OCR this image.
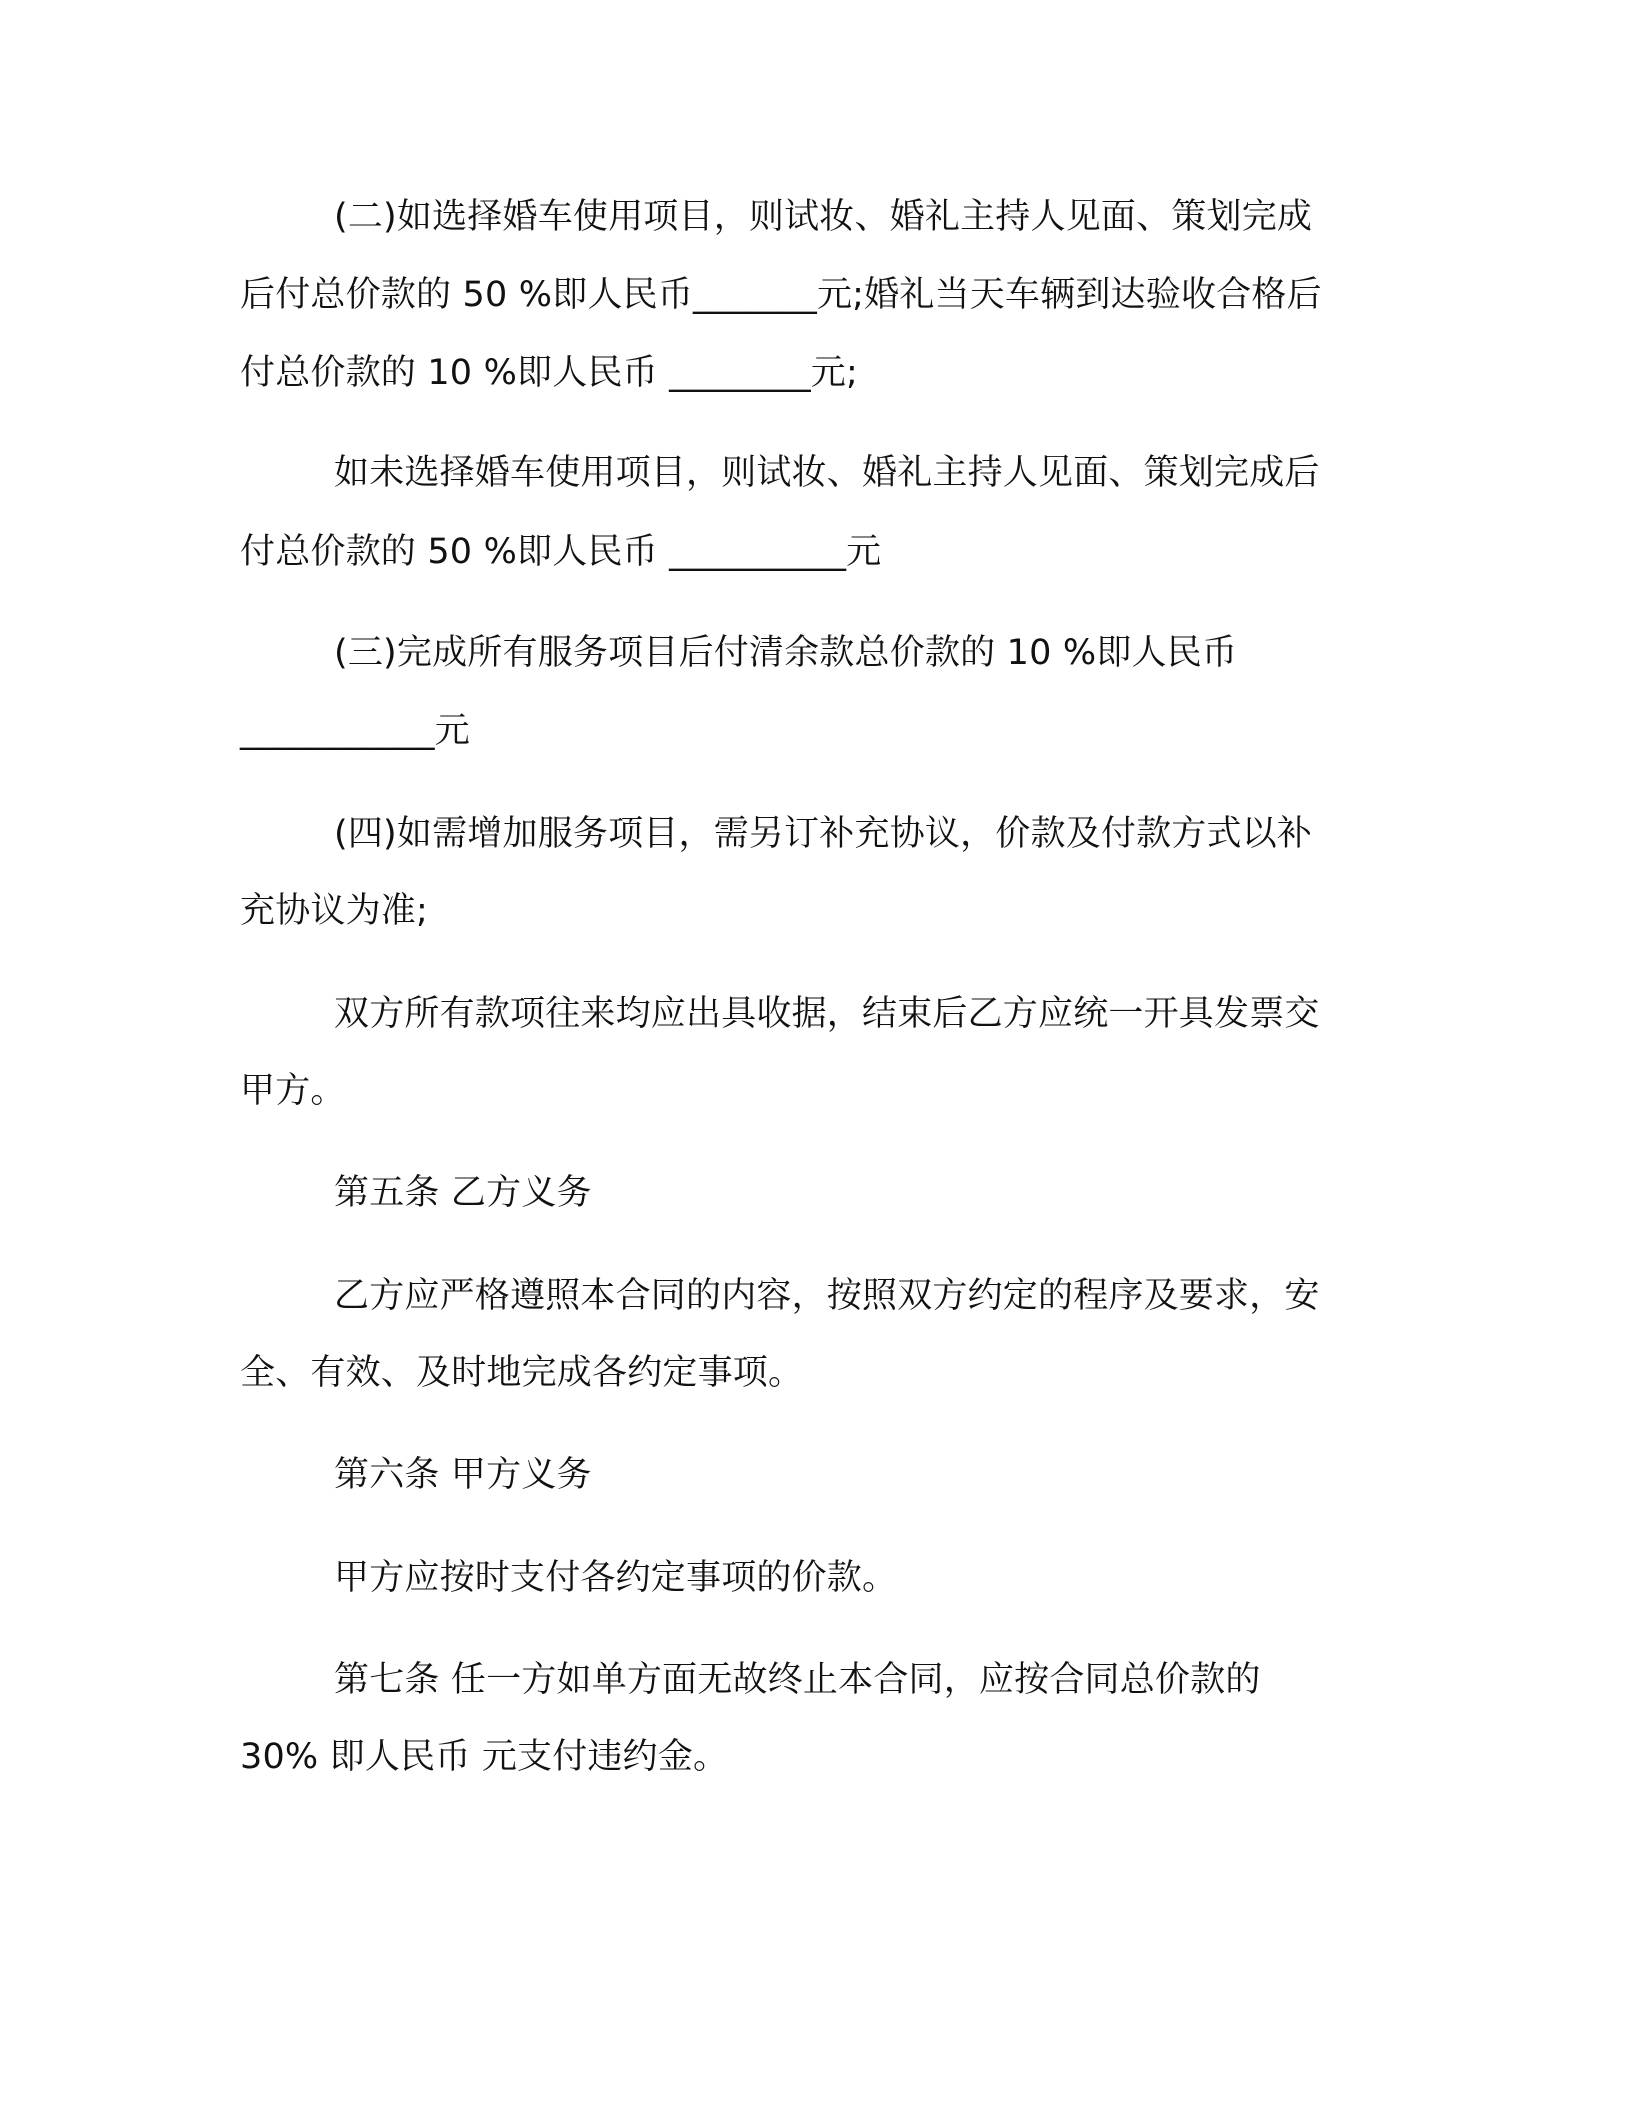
(二)如选择婚车使用项目，则试妆、婚礼主持人见面、策划完成
后付总价款的 50 %即人民币_______元;婚礼当天车辆到达验收合格后
付总价款的 10 %即人民币 ________元;
如未选择婚车使用项目，则试妆、婚礼主持人见面、策划完成后
付总价款的 50 %即人民币 __________元
(三)完成所有服务项目后付清余款总价款的 10 %即人民币
___________元
(四)如需增加服务项目，需另订补充协议，价款及付款方式以补
充协议为准;
双方所有款项往来均应出具收据，结束后乙方应统一开具发票交
甲方。
第五条 乙方义务
乙方应严格遵照本合同的内容，按照双方约定的程序及要求，安
全、有效、及时地完成各约定事项。
第六条 甲方义务
甲方应按时支付各约定事项的价款。
第七条 任一方如单方面无故终止本合同，应按合同总价款的
30% 即人民币 元支付违约金。
